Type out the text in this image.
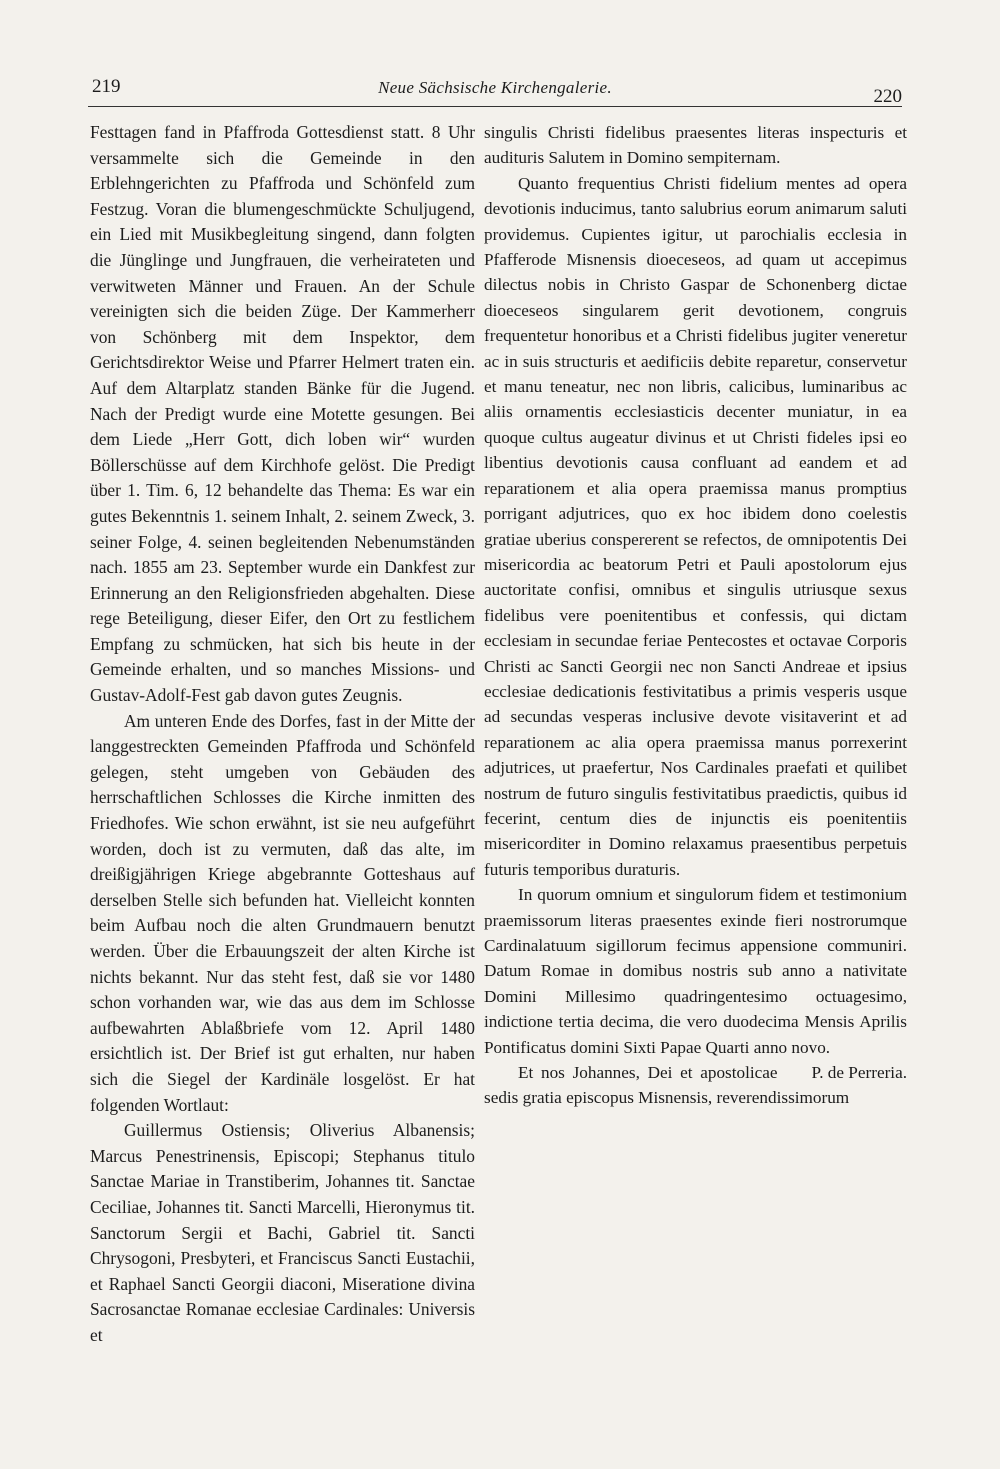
219	Neue Sächsische Kirchengalerie.	220

Festtagen fand in Pfaffroda Gottesdienst statt. 8 Uhr versammelte sich die Gemeinde in den Erblehngerichten zu Pfaffroda und Schönfeld zum Festzug. Voran die blumengeschmückte Schuljugend, ein Lied mit Musikbegleitung singend, dann folgten die Jünglinge und Jungfrauen, die verheirateten und verwitweten Männer und Frauen. An der Schule vereinigten sich die beiden Züge. Der Kammerherr von Schönberg mit dem Inspektor, dem Gerichtsdirektor Weise und Pfarrer Helmert traten ein. Auf dem Altarplatz standen Bänke für die Jugend. Nach der Predigt wurde eine Motette gesungen. Bei dem Liede „Herr Gott, dich loben wir“ wurden Böllerschüsse auf dem Kirchhofe gelöst. Die Predigt über 1. Tim. 6, 12 behandelte das Thema: Es war ein gutes Bekenntnis 1. seinem Inhalt, 2. seinem Zweck, 3. seiner Folge, 4. seinen begleitenden Nebenumständen nach. 1855 am 23. September wurde ein Dankfest zur Erinnerung an den Religionsfrieden abgehalten. Diese rege Beteiligung, dieser Eifer, den Ort zu festlichem Empfang zu schmücken, hat sich bis heute in der Gemeinde erhalten, und so manches Missions- und Gustav-Adolf-Fest gab davon gutes Zeugnis.

Am unteren Ende des Dorfes, fast in der Mitte der langgestreckten Gemeinden Pfaffroda und Schönfeld gelegen, steht umgeben von Gebäuden des herrschaftlichen Schlosses die Kirche inmitten des Friedhofes. Wie schon erwähnt, ist sie neu aufgeführt worden, doch ist zu vermuten, daß das alte, im dreißigjährigen Kriege abgebrannte Gotteshaus auf derselben Stelle sich befunden hat. Vielleicht konnten beim Aufbau noch die alten Grundmauern benutzt werden. Über die Erbauungszeit der alten Kirche ist nichts bekannt. Nur das steht fest, daß sie vor 1480 schon vorhanden war, wie das aus dem im Schlosse aufbewahrten Ablaßbriefe vom 12. April 1480 ersichtlich ist. Der Brief ist gut erhalten, nur haben sich die Siegel der Kardinäle losgelöst. Er hat folgenden Wortlaut:

Guillermus Ostiensis; Oliverius Albanensis; Marcus Penestrinensis, Episcopi; Stephanus titulo Sanctae Mariae in Transtiberim, Johannes tit. Sanctae Ceciliae, Johannes tit. Sancti Marcelli, Hieronymus tit. Sanctorum Sergii et Bachi, Gabriel tit. Sancti Chrysogoni, Presbyteri, et Franciscus Sancti Eustachii, et Raphael Sancti Georgii diaconi, Miseratione divina Sacrosanctae Romanae ecclesiae Cardinales: Universis et

singulis Christi fidelibus praesentes literas inspecturis et audituris Salutem in Domino sempiternam.

Quanto frequentius Christi fidelium mentes ad opera devotionis inducimus, tanto salubrius eorum animarum saluti providemus. Cupientes igitur, ut parochialis ecclesia in Pfafferode Misnensis dioeceseos, ad quam ut accepimus dilectus nobis in Christo Gaspar de Schonenberg dictae dioeceseos singularem gerit devotionem, congruis frequentetur honoribus et a Christi fidelibus jugiter veneretur ac in suis structuris et aedificiis debite reparetur, conservetur et manu teneatur, nec non libris, calicibus, luminaribus ac aliis ornamentis ecclesiasticis decenter muniatur, in ea quoque cultus augeatur divinus et ut Christi fideles ipsi eo libentius devotionis causa confluant ad eandem et ad reparationem et alia opera praemissa manus promptius porrigant adjutrices, quo ex hoc ibidem dono coelestis gratiae uberius conspererent se refectos, de omnipotentis Dei misericordia ac beatorum Petri et Pauli apostolorum ejus auctoritate confisi, omnibus et singulis utriusque sexus fidelibus vere poenitentibus et confessis, qui dictam ecclesiam in secundae feriae Pentecostes et octavae Corporis Christi ac Sancti Georgii nec non Sancti Andreae et ipsius ecclesiae dedicationis festivitatibus a primis vesperis usque ad secundas vesperas inclusive devote visitaverint et ad reparationem ac alia opera praemissa manus porrexerint adjutrices, ut praefertur, Nos Cardinales praefati et quilibet nostrum de futuro singulis festivitatibus praedictis, quibus id fecerint, centum dies de injunctis eis poenitentiis misericorditer in Domino relaxamus praesentibus perpetuis futuris temporibus duraturis.

In quorum omnium et singulorum fidem et testimonium praemissorum literas praesentes exinde fieri nostrorumque Cardinalatuum sigillorum fecimus appensione communiri. Datum Romae in domibus nostris sub anno a nativitate Domini Millesimo quadringentesimo octuagesimo, indictione tertia decima, die vero duodecima Mensis Aprilis Pontificatus domini Sixti Papae Quarti anno novo.
P. de Perreria.

Et nos Johannes, Dei et apostolicae sedis gratia episcopus Misnensis, reverendissimorum
